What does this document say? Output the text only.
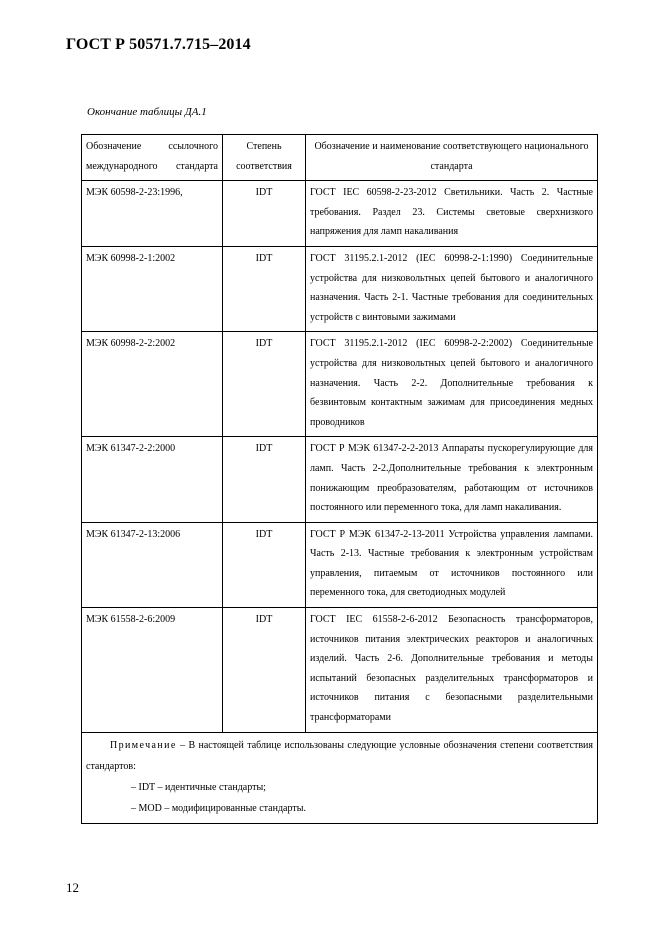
ГОСТ Р 50571.7.715–2014
Окончание таблицы ДА.1
Обозначение ссылочного международного стандарта	Степень соответствия	Обозначение и наименование соответствующего национального стандарта
МЭК 60598-2-23:1996,	IDT	ГОСТ IEC 60598-2-23-2012 Светильники. Часть 2. Частные требования. Раздел 23. Системы световые сверхнизкого напряжения для ламп накаливания
МЭК 60998-2-1:2002	IDT	ГОСТ 31195.2.1-2012 (IEC 60998-2-1:1990) Соединительные устройства для низковольтных цепей бытового и аналогичного назначения. Часть 2-1. Частные требования для соединительных устройств с винтовыми зажимами
МЭК 60998-2-2:2002	IDT	ГОСТ 31195.2.1-2012 (IEC 60998-2-2:2002) Соединительные устройства для низковольтных цепей бытового и аналогичного назначения. Часть 2-2. Дополнительные требования к безвинтовым контактным зажимам для присоединения медных проводников
МЭК 61347-2-2:2000	IDT	ГОСТ Р МЭК 61347-2-2-2013 Аппараты пускорегулирующие для ламп. Часть 2-2.Дополнительные требования к электронным понижающим преобразователям, работающим от источников постоянного или переменного тока, для ламп накаливания.
МЭК 61347-2-13:2006	IDT	ГОСТ Р МЭК 61347-2-13-2011 Устройства управления лампами. Часть 2-13. Частные требования к электронным устройствам управления, питаемым от источников постоянного или переменного тока, для светодиодных модулей
МЭК 61558-2-6:2009	IDT	ГОСТ IEC 61558-2-6-2012 Безопасность трансформаторов, источников питания электрических реакторов и аналогичных изделий. Часть 2-6. Дополнительные требования и методы испытаний безопасных разделительных трансформаторов и источников питания с безопасными разделительными трансформаторами

Примечание – В настоящей таблице использованы следующие условные обозначения степени соответствия стандартов:
– IDT – идентичные стандарты;
– MOD – модифицированные стандарты.		
12
